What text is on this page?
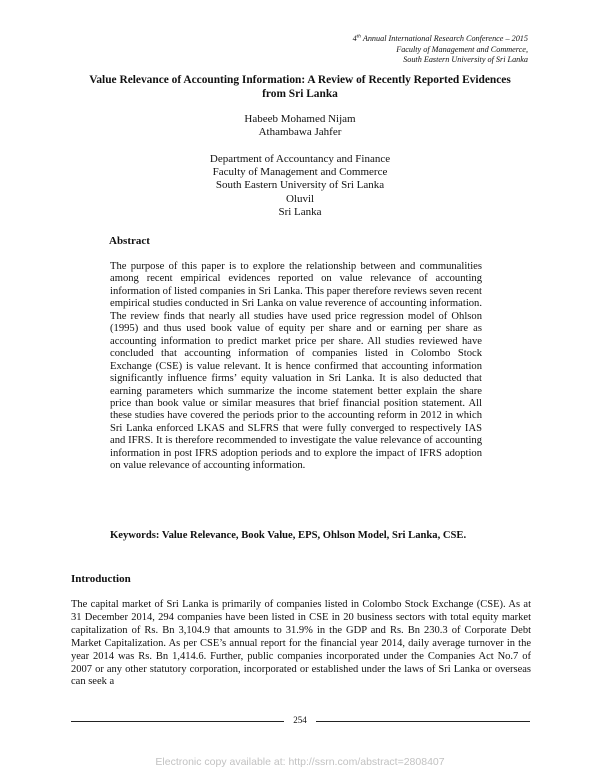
4th Annual International Research Conference – 2015
Faculty of Management and Commerce,
South Eastern University of Sri Lanka
Value Relevance of Accounting Information: A Review of Recently Reported Evidences
from Sri Lanka
Habeeb Mohamed Nijam
Athambawa Jahfer
Department of Accountancy and Finance
Faculty of Management and Commerce
South Eastern University of Sri Lanka
Oluvil
Sri Lanka
Abstract

The purpose of this paper is to explore the relationship between and communalities among recent empirical evidences reported on value relevance of accounting information of listed companies in Sri Lanka. This paper therefore reviews seven recent empirical studies conducted in Sri Lanka on value reverence of accounting information. The review finds that nearly all studies have used price regression model of Ohlson (1995) and thus used book value of equity per share and or earning per share as accounting information to predict market price per share. All studies reviewed have concluded that accounting information of companies listed in Colombo Stock Exchange (CSE) is value relevant. It is hence confirmed that accounting information significantly influence firms’ equity valuation in Sri Lanka. It is also deducted that earning parameters which summarize the income statement better explain the share price than book value or similar measures that brief financial position statement. All these studies have covered the periods prior to the accounting reform in 2012 in which Sri Lanka enforced LKAS and SLFRS that were fully converged to respectively IAS and IFRS. It is therefore recommended to investigate the value relevance of accounting information in post IFRS adoption periods and to explore the impact of IFRS adoption on value relevance of accounting information.

Keywords: Value Relevance, Book Value, EPS, Ohlson Model, Sri Lanka, CSE.

Introduction

The capital market of Sri Lanka is primarily of companies listed in Colombo Stock Exchange (CSE). As at 31 December 2014, 294 companies have been listed in CSE in 20 business sectors with total equity market capitalization of Rs. Bn 3,104.9 that amounts to 31.9% in the GDP and Rs. Bn 230.3 of Corporate Debt Market Capitalization. As per CSE’s annual report for the financial year 2014, daily average turnover in the year 2014 was Rs. Bn 1,414.6. Further, public companies incorporated under the Companies Act No.7 of 2007 or any other statutory corporation, incorporated or established under the laws of Sri Lanka or overseas can seek a

254
Electronic copy available at: http://ssrn.com/abstract=2808407
